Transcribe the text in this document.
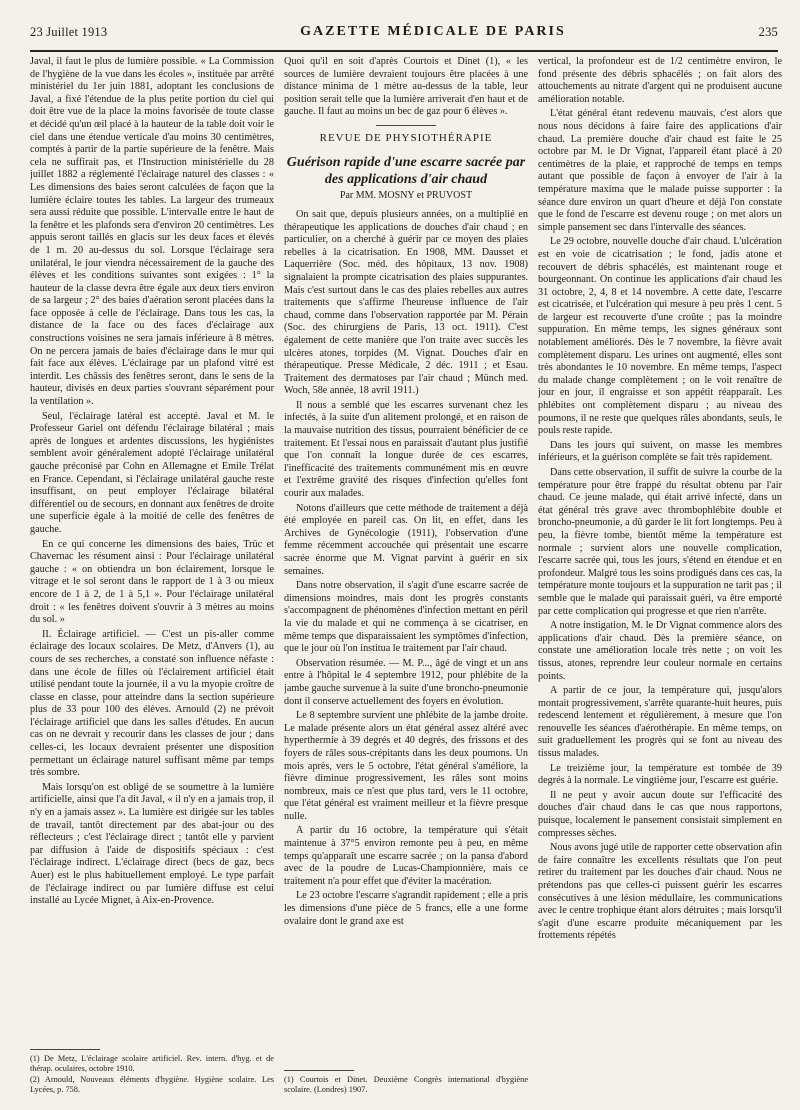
23 Juillet 1913	GAZETTE MÉDICALE DE PARIS	235

Javal, il faut le plus de lumière possible. « La Commission de l'hygiène de la vue dans les écoles », instituée par arrêté ministériel du 1er juin 1881, adoptant les conclusions de Javal, a fixé l'étendue de la plus petite portion du ciel qui doit être vue de la place la moins favorisée de toute classe et décidé qu'un œil placé à la hauteur de la table doit voir le ciel dans une étendue verticale d'au moins 30 centimètres, comptés à partir de la partie supérieure de la fenêtre. Mais cela ne suffirait pas, et l'Instruction ministérielle du 28 juillet 1882 a réglementé l'éclairage naturel des classes : « Les dimensions des baies seront calculées de façon que la lumière éclaire toutes les tables. La largeur des trumeaux sera aussi réduite que possible. L'intervalle entre le haut de la fenêtre et les plafonds sera d'environ 20 centimètres. Les appuis seront taillés en glacis sur les deux faces et élevés de 1 m. 20 au-dessus du sol. Lorsque l'éclairage sera unilatéral, le jour viendra nécessairement de la gauche des élèves et les conditions suivantes sont exigées : 1° la hauteur de la classe devra être égale aux deux tiers environ de sa largeur ; 2° des baies d'aération seront placées dans la face opposée à celle de l'éclairage. Dans tous les cas, la distance de la face ou des faces d'éclairage aux constructions voisines ne sera jamais inférieure à 8 mètres. On ne percera jamais de baies d'éclairage dans le mur qui fait face aux élèves. L'éclairage par un plafond vitré est interdit. Les châssis des fenêtres seront, dans le sens de la hauteur, divisés en deux parties s'ouvrant séparément pour la ventilation ».

Seul, l'éclairage latéral est accepté. Javal et M. le Professeur Gariel ont défendu l'éclairage bilatéral ; mais après de longues et ardentes discussions, les hygiénistes semblent avoir généralement adopté l'éclairage unilatéral gauche préconisé par Cohn en Allemagne et Emile Trélat en France. Cependant, si l'éclairage unilatéral gauche reste insuffisant, on peut employer l'éclairage bilatéral différentiel ou de secours, en donnant aux fenêtres de droite une superficie égale à la moitié de celle des fenêtres de gauche.

En ce qui concerne les dimensions des baies, Trüc et Chavernac les résument ainsi : Pour l'éclairage unilatéral gauche : « on obtiendra un bon éclairement, lorsque le vitrage et le sol seront dans le rapport de 1 à 3 ou mieux encore de 1 à 2, de 1 à 5,1 ». Pour l'éclairage unilatéral droit : « les fenêtres doivent s'ouvrir à 3 mètres au moins du sol. »

II. Éclairage artificiel. — C'est un pis-aller comme éclairage des locaux scolaires. De Metz, d'Anvers (1), au cours de ses recherches, a constaté son influence néfaste : dans une école de filles où l'éclairement artificiel était utilisé pendant toute la journée, il a vu la myopie croître de classe en classe, pour atteindre dans la section supérieure plus de 33 pour 100 des élèves. Arnould (2) ne prévoit l'éclairage artificiel que dans les salles d'études. En aucun cas on ne devrait y recourir dans les classes de jour ; dans celles-ci, les locaux devraient présenter une disposition permettant un éclairage naturel suffisant même par temps très sombre.

Mais lorsqu'on est obligé de se soumettre à la lumière artificielle, ainsi que l'a dit Javal, « il n'y en a jamais trop, il n'y en a jamais assez ». La lumière est dirigée sur les tables de travail, tantôt directement par des abat-jour ou des réflecteurs ; c'est l'éclairage direct ; tantôt elle y parvient par diffusion à l'aide de dispositifs spéciaux : c'est l'éclairage indirect. L'éclairage direct (becs de gaz, becs Auer) est le plus habituellement employé. Le type parfait de l'éclairage indirect ou par lumière diffuse est celui installé au Lycée Mignet, à Aix-en-Provence.

(1) De Metz, L'éclairage scolaire artificiel. Rev. intern. d'hyg. et de thérap. oculaires, octobre 1910.

(2) Arnould, Nouveaux éléments d'hygiène. Hygiène scolaire. Les Lycées, p. 758.

Quoi qu'il en soit d'après Courtois et Dinet (1), « les sources de lumière devraient toujours être placées à une distance minima de 1 mètre au-dessus de la table, leur position serait telle que la lumière arriverait d'en haut et de gauche. Il faut au moins un bec de gaz pour 6 élèves ».

REVUE DE PHYSIOTHÉRAPIE
Guérison rapide d'une escarre sacrée par des applications d'air chaud
Par MM. MOSNY et PRUVOST

On sait que, depuis plusieurs années, on a multiplié en thérapeutique les applications de douches d'air chaud ; en particulier, on a cherché à guérir par ce moyen des plaies rebelles à la cicatrisation. En 1908, MM. Dausset et Laquerrière (Soc. méd. des hôpitaux, 13 nov. 1908) signalaient la prompte cicatrisation des plaies suppurantes. Mais c'est surtout dans le cas des plaies rebelles aux autres traitements que s'affirme l'heureuse influence de l'air chaud, comme dans l'observation rapportée par M. Pérain (Soc. des chirurgiens de Paris, 13 oct. 1911). C'est également de cette manière que l'on traite avec succès les ulcères atones, torpides (M. Vignat. Douches d'air en thérapeutique. Presse Médicale, 2 déc. 1911 ; et Esau. Traitement des dermatoses par l'air chaud ; Münch med. Woch, 58e année, 18 avril 1911.)

Il nous a semblé que les escarres survenant chez les infectés, à la suite d'un alitement prolongé, et en raison de la mauvaise nutrition des tissus, pourraient bénéficier de ce traitement. Et l'essai nous en paraissait d'autant plus justifié que l'on connaît la longue durée de ces escarres, l'inefficacité des traitements communément mis en œuvre et l'extrême gravité des risques d'infection qu'elles font courir aux malades.

Notons d'ailleurs que cette méthode de traitement a déjà été employée en pareil cas. On lit, en effet, dans les Archives de Gynécologie (1911), l'observation d'une femme récemment accouchée qui présentait une escarre sacrée énorme que M. Vignat parvint à guérir en six semaines.

Dans notre observation, il s'agit d'une escarre sacrée de dimensions moindres, mais dont les progrès constants s'accompagnent de phénomènes d'infection mettant en péril la vie du malade et qui ne commença à se cicatriser, en même temps que disparaissaient les symptômes d'infection, que le jour où l'on institua le traitement par l'air chaud.

Observation résumée. — M. P..., âgé de vingt et un ans entre à l'hôpital le 4 septembre 1912, pour phlébite de la jambe gauche survenue à la suite d'une broncho-pneumonie dont il conserve actuellement des foyers en évolution.

Le 8 septembre survient une phlébite de la jambe droite. Le malade présente alors un état général assez altéré avec hyperthermie à 39 degrés et 40 degrés, des frissons et des foyers de râles sous-crépitants dans les deux poumons. Un mois après, vers le 5 octobre, l'état général s'améliore, la fièvre diminue progressivement, les râles sont moins nombreux, mais ce n'est que plus tard, vers le 11 octobre, que l'état général est vraiment meilleur et la fièvre presque nulle.

A partir du 16 octobre, la température qui s'était maintenue à 37°5 environ remonte peu à peu, en même temps qu'apparaît une escarre sacrée ; on la pansa d'abord avec de la poudre de Lucas-Championnière, mais ce traitement n'a pour effet que d'éviter la macération.

Le 23 octobre l'escarre s'agrandit rapidement ; elle a pris les dimensions d'une pièce de 5 francs, elle a une forme ovalaire dont le grand axe est

(1) Courtois et Dinet. Deuxième Congrès international d'hygiène scolaire. (Londres) 1907.

vertical, la profondeur est de 1/2 centimètre environ, le fond présente des débris sphacélés ; on fait alors des attouchements au nitrate d'argent qui ne produisent aucune amélioration notable.

L'état général étant redevenu mauvais, c'est alors que nous nous décidons à faire faire des applications d'air chaud. La première douche d'air chaud est faite le 25 octobre par M. le Dr Vignat, l'appareil étant placé à 20 centimètres de la plaie, et rapproché de temps en temps autant que possible de façon à envoyer de l'air à la température maxima que le malade puisse supporter : la séance dure environ un quart d'heure et déjà l'on constate que le fond de l'escarre est devenu rouge ; on met alors un simple pansement sec dans l'intervalle des séances.

Le 29 octobre, nouvelle douche d'air chaud. L'ulcération est en voie de cicatrisation ; le fond, jadis atone et recouvert de débris sphacélés, est maintenant rouge et bourgeonnant. On continue les applications d'air chaud les 31 octobre, 2, 4, 8 et 14 novembre. A cette date, l'escarre est cicatrisée, et l'ulcération qui mesure à peu près 1 cent. 5 de largeur est recouverte d'une croûte ; pas la moindre suppuration. En même temps, les signes généraux sont notablement améliorés. Dès le 7 novembre, la fièvre avait complètement disparu. Les urines ont augmenté, elles sont très abondantes le 10 novembre. En même temps, l'aspect du malade change complètement ; on le voit renaître de jour en jour, il engraisse et son appétit réapparaît. Les phlébites ont complètement disparu ; au niveau des poumons, il ne reste que quelques râles abondants, seuls, le pouls reste rapide.

Dans les jours qui suivent, on masse les membres inférieurs, et la guérison complète se fait très rapidement.

Dans cette observation, il suffit de suivre la courbe de la température pour être frappé du résultat obtenu par l'air chaud. Ce jeune malade, qui était arrivé infecté, dans un état général très grave avec thrombophlébite double et broncho-pneumonie, a dû garder le lit fort longtemps. Peu à peu, la fièvre tombe, bientôt même la température est normale ; survient alors une nouvelle complication, l'escarre sacrée qui, tous les jours, s'étend en étendue et en profondeur. Malgré tous les soins prodigués dans ces cas, la température monte toujours et la suppuration ne tarit pas ; il semble que le malade qui paraissait guéri, va être emporté par cette complication qui progresse et que rien n'arrête.

A notre instigation, M. le Dr Vignat commence alors des applications d'air chaud. Dès la première séance, on constate une amélioration locale très nette ; on voit les tissus, atones, reprendre leur couleur normale en certains points.

A partir de ce jour, la température qui, jusqu'alors montait progressivement, s'arrête quarante-huit heures, puis redescend lentement et régulièrement, à mesure que l'on renouvelle les séances d'aérothérapie. En même temps, on suit graduellement les progrès qui se font au niveau des tissus malades.

Le treizième jour, la température est tombée de 39 degrés à la normale. Le vingtième jour, l'escarre est guérie.

Il ne peut y avoir aucun doute sur l'efficacité des douches d'air chaud dans le cas que nous rapportons, puisque, localement le pansement consistait simplement en compresses sèches.

Nous avons jugé utile de rapporter cette observation afin de faire connaître les excellents résultats que l'on peut retirer du traitement par les douches d'air chaud. Nous ne prétendons pas que celles-ci puissent guérir les escarres consécutives à une lésion médullaire, les communications avec le centre trophique étant alors détruites ; mais lorsqu'il s'agit d'une escarre produite mécaniquement par les frottements répétés
